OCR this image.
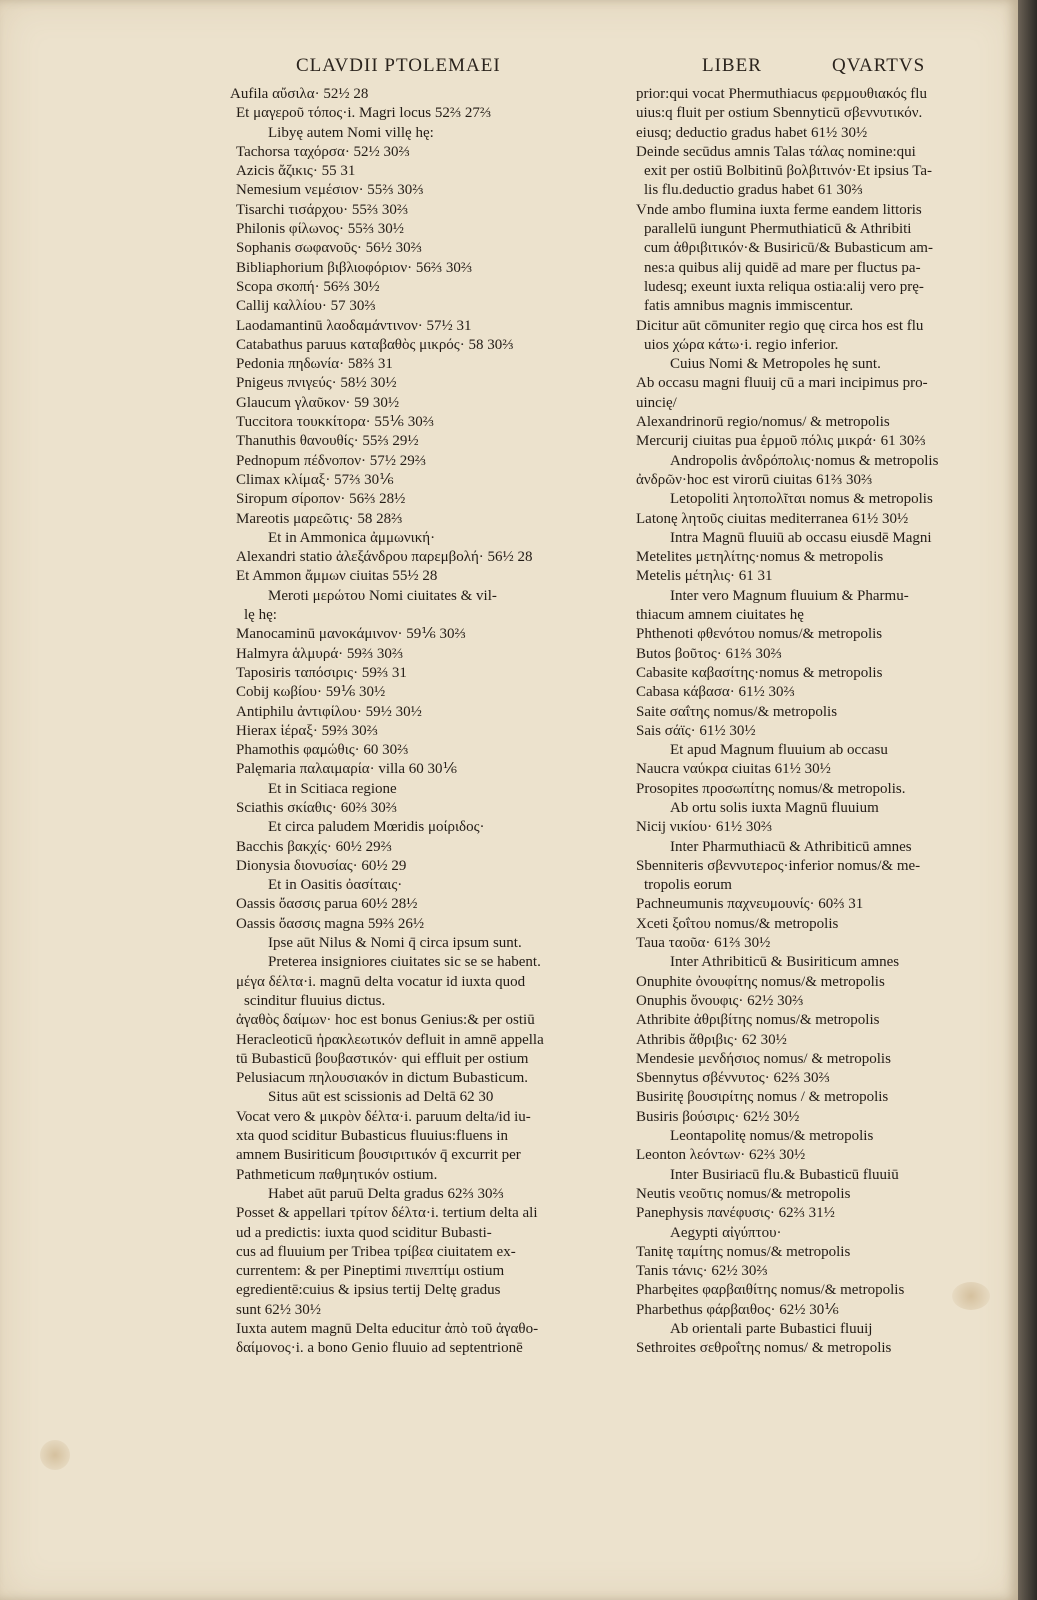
CLAVDII PTOLEMAEI	LIBER	QVARTVS
Aufila αὔσιλα· 52½ 28
Et μαγεροῦ τόπος·i. Magri locus 52⅔ 27⅔
Libyę autem Nomi villę hę:
Tachorsa ταχόρσα· 52½ 30⅔
Azicis ἄζικις· 55 31
Nemesium νεμέσιον· 55⅔ 30⅔
Tisarchi τισάρχου· 55⅔ 30⅔
Philonis φίλωνος· 55⅔ 30½
Sophanis σωφανοῦς· 56½ 30⅔
Bibliaphorium βιβλιοφόριον· 56⅔ 30⅔
Scopa σκοπή· 56⅔ 30½
Callij καλλίου· 57 30⅔
Laodamantinū λαοδαμάντινον· 57½ 31
Catabathus paruus καταβαθὸς μικρός· 58 30⅔
Pedonia πηδωνία· 58⅔ 31
Pnigeus πνιγεύς· 58½ 30½
Glaucum γλαῦκον· 59 30½
Tuccitora τουκκίτορα· 55⅙ 30⅔
Thanuthis θανουθίς· 55⅔ 29½
Pednopum πέδνοπον· 57½ 29⅔
Climax κλίμαξ· 57⅔ 30⅙
Siropum σίροπον· 56⅔ 28½
Mareotis μαρεῶτις· 58 28⅔
Et in Ammonica ἀμμωνική·
Alexandri statio ἀλεξάνδρου παρεμβολή· 56½ 28
Et Ammon ἄμμων ciuitas 55½ 28
Meroti μερώτου Nomi ciuitates & vil-
lę hę:
Manocaminū μανοκάμινον· 59⅙ 30⅔
Halmyra ἁλμυρά· 59⅔ 30⅔
Taposiris ταπόσιρις· 59⅔ 31
Cobij κωβίου· 59⅙ 30½
Antiphilu ἀντιφίλου· 59½ 30½
Hierax ἱέραξ· 59⅔ 30⅔
Phamothis φαμώθις· 60 30⅔
Palęmaria παλαιμαρία· villa 60 30⅙
Et in Scitiaca regione
Sciathis σκίαθις· 60⅔ 30⅔
Et circa paludem Mœridis μοίριδος·
Bacchis βακχίς· 60½ 29⅔
Dionysia διονυσίας· 60½ 29
Et in Oasitis ὀασίταις·
Oassis ὄασσις parua 60½ 28½
Oassis ὄασσις magna 59⅔ 26½
Ipse aūt Nilus & Nomi q̄ circa ipsum sunt.
Preterea insigniores ciuitates sic se se habent.
μέγα δέλτα·i. magnū delta vocatur id iuxta quod
scinditur fluuius dictus.
ἀγαθὸς δαίμων· hoc est bonus Genius:& per ostiū
Heracleoticū ἡρακλεωτικόν defluit in amnē appella
tū Bubasticū βουβαστικόν· qui effluit per ostium
Pelusiacum πηλουσιακόν in dictum Bubasticum.
Situs aūt est scissionis ad Deltā 62 30
Vocat vero & μικρὸν δέλτα·i. paruum delta/id iu-
xta quod sciditur Bubasticus fluuius:fluens in
amnem Busiriticum βουσιριτικόν q̄ excurrit per
Pathmeticum παθμητικόν ostium.
Habet aūt paruū Delta gradus 62⅔ 30⅔
Posset & appellari τρίτον δέλτα·i. tertium delta ali
ud a predictis: iuxta quod sciditur Bubasti-
cus ad fluuium per Tribea τρίβεα ciuitatem ex-
currentem: & per Pineptimi πινεπτίμι ostium
egredientē:cuius & ipsius tertij Deltę gradus
sunt 62½ 30½
Iuxta autem magnū Delta educitur ἀπὸ τοῦ ἀγαθο-
δαίμονος·i. a bono Genio fluuio ad septentrionē
prior:qui vocat Phermuthiacus φερμουθιακός flu
uius:q fluit per ostium Sbennyticū σβεννυτικόν.
eiusq; deductio gradus habet 61½ 30½
Deinde secūdus amnis Talas τάλας nomine:qui
exit per ostiū Bolbitinū βολβιτινόν·Et ipsius Ta-
lis flu.deductio gradus habet 61 30⅔
Vnde ambo flumina iuxta ferme eandem littoris
parallelū iungunt Phermuthiaticū & Athribiti
cum ἀθριβιτικόν·& Busiricū/& Bubasticum am-
nes:a quibus alij quidē ad mare per fluctus pa-
ludesq; exeunt iuxta reliqua ostia:alij vero prę-
fatis amnibus magnis immiscentur.
Dicitur aūt cōmuniter regio quę circa hos est flu
uios χώρα κάτω·i. regio inferior.
Cuius Nomi & Metropoles hę sunt.
Ab occasu magni fluuij cū a mari incipimus pro-
uincię/
Alexandrinorū regio/nomus/ & metropolis
Mercurij ciuitas pua ἑρμοῦ πόλις μικρά· 61 30⅔
Andropolis ἀνδρόπολις·nomus & metropolis
ἀνδρῶν·hoc est virorū ciuitas 61⅔ 30⅔
Letopoliti λητοπολῖται nomus & metropolis
Latonę λητοῦς ciuitas mediterranea 61½ 30½
Intra Magnū fluuiū ab occasu eiusdē Magni
Metelites μετηλίτης·nomus & metropolis
Metelis μέτηλις· 61 31
Inter vero Magnum fluuium & Pharmu-
thiacum amnem ciuitates hę
Phthenoti φθενότου nomus/& metropolis
Butos βοῦτος· 61⅔ 30⅔
Cabasite καβασίτης·nomus & metropolis
Cabasa κάβασα· 61½ 30⅔
Saite σαΐτης nomus/& metropolis
Sais σάϊς· 61½ 30½
Et apud Magnum fluuium ab occasu
Naucra ναύκρα ciuitas 61½ 30½
Prosopites προσωπίτης nomus/& metropolis.
Ab ortu solis iuxta Magnū fluuium
Nicij νικίου· 61½ 30⅔
Inter Pharmuthiacū & Athribiticū amnes
Sbenniteris σβεννυτερος·inferior nomus/& me-
tropolis eorum
Pachneumunis παχνευμουνίς· 60⅔ 31
Xceti ξοΐτου nomus/& metropolis
Taua ταοῦα· 61⅔ 30½
Inter Athribiticū & Busiriticum amnes
Onuphite ὀνουφίτης nomus/& metropolis
Onuphis ὄνουφις· 62½ 30⅔
Athribite ἀθριβίτης nomus/& metropolis
Athribis ἄθριβις· 62 30½
Mendesie μενδήσιος nomus/ & metropolis
Sbennytus σβέννυτος· 62⅔ 30⅔
Busiritę βουσιρίτης nomus / & metropolis
Busiris βούσιρις· 62½ 30½
Leontapolitę nomus/& metropolis
Leonton λεόντων· 62⅔ 30½
Inter Busiriacū flu.& Bubasticū fluuiū
Neutis νεοῦτις nomus/& metropolis
Panephysis πανέφυσις· 62⅔ 31½
Aegypti αἰγύπτου·
Tanitę ταμίτης nomus/& metropolis
Tanis τάνις· 62½ 30⅔
Pharbęites φαρβαιθίτης nomus/& metropolis
Pharbethus φάρβαιθος· 62½ 30⅙
Ab orientali parte Bubastici fluuij
Sethroites σεθροΐτης nomus/ & metropolis
